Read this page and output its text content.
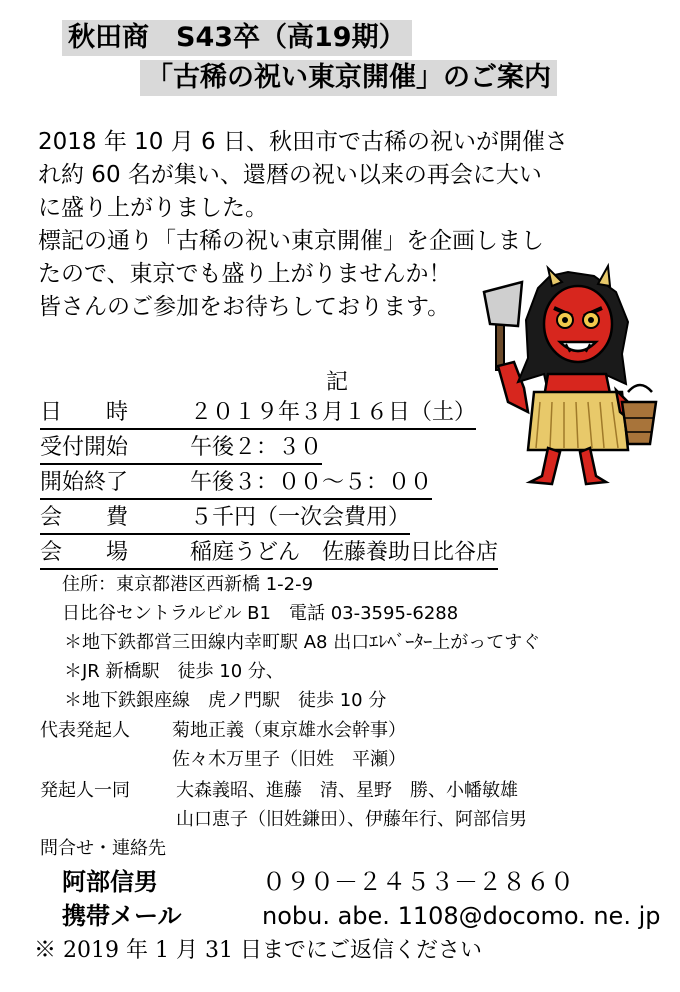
秋田商　S43卒（高19期）
「古稀の祝い東京開催」のご案内
2018 年 10 月 6 日、秋田市で古稀の祝いが開催さ
れ約 60 名が集い、還暦の祝い以来の再会に大い
に盛り上がりました。
標記の通り「古稀の祝い東京開催」を企画しまし
たので、東京でも盛り上がりませんか！
皆さんのご参加をお待ちしております。
記
日　　時	２０１９年３月１６日（土）
受付開始	午後２：３０
開始終了	午後３：００～５：００
会　　費	５千円（一次会費用）
会　　場	稲庭うどん　佐藤養助日比谷店
住所：東京都港区西新橋 1-2-9
日比谷セントラルビル B1　電話 03-3595-6288
＊地下鉄都営三田線内幸町駅 A8 出口ｴﾚﾍﾞｰﾀｰ上がってすぐ
＊JR 新橋駅　徒歩 10 分、
＊地下鉄銀座線　虎ノ門駅　徒歩 10 分
代表発起人 菊地正義（東京雄水会幹事）
佐々木万里子（旧姓　平瀬）
発起人一同	大森義昭、進藤　清、星野　勝、小幡敏雄
山口恵子（旧姓鎌田）、伊藤年行、阿部信男
問合せ・連絡先
阿部信男	０９０－２４５３－２８６０
携帯メール	nobu. abe. 1108@docomo. ne. jp
※ 2019 年 1 月 31 日までにご返信ください
